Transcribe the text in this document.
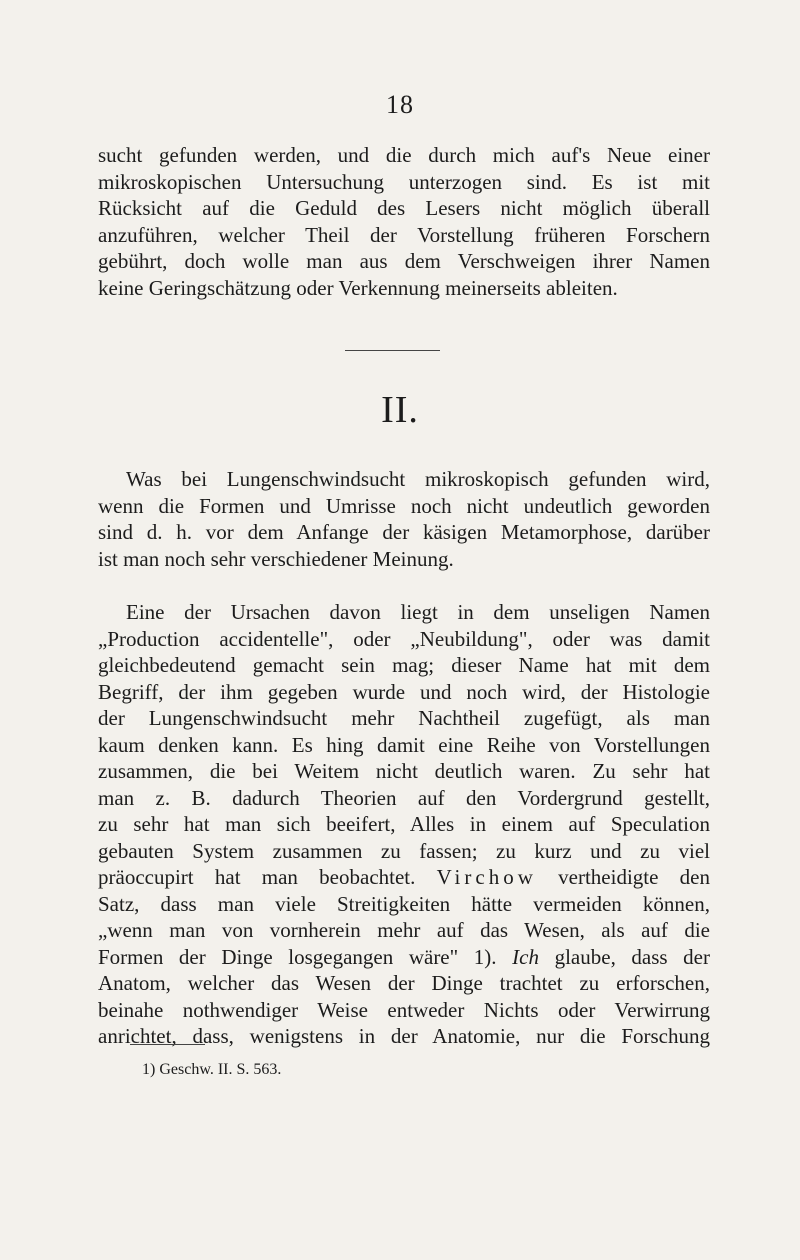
18
sucht gefunden werden, und die durch mich auf's Neue einer
mikroskopischen Untersuchung unterzogen sind. Es ist mit
Rücksicht auf die Geduld des Lesers nicht möglich überall
anzuführen, welcher Theil der Vorstellung früheren Forschern
gebührt, doch wolle man aus dem Verschweigen ihrer Namen
keine Geringschätzung oder Verkennung meinerseits ableiten.
II.
Was bei Lungenschwindsucht mikroskopisch gefunden wird,
wenn die Formen und Umrisse noch nicht undeutlich geworden
sind d. h. vor dem Anfange der käsigen Metamorphose, darüber
ist man noch sehr verschiedener Meinung.
Eine der Ursachen davon liegt in dem unseligen Namen
„Production accidentelle", oder „Neubildung", oder was damit
gleichbedeutend gemacht sein mag; dieser Name hat mit dem
Begriff, der ihm gegeben wurde und noch wird, der Histologie
der Lungenschwindsucht mehr Nachtheil zugefügt, als man
kaum denken kann. Es hing damit eine Reihe von Vorstellungen
zusammen, die bei Weitem nicht deutlich waren. Zu sehr hat
man z. B. dadurch Theorien auf den Vordergrund gestellt,
zu sehr hat man sich beeifert, Alles in einem auf Speculation
gebauten System zusammen zu fassen; zu kurz und zu viel
präoccupirt hat man beobachtet. Virchow vertheidigte den
Satz, dass man viele Streitigkeiten hätte vermeiden können,
„wenn man von vornherein mehr auf das Wesen, als auf die
Formen der Dinge losgegangen wäre" 1). Ich glaube, dass der
Anatom, welcher das Wesen der Dinge trachtet zu erforschen,
beinahe nothwendiger Weise entweder Nichts oder Verwirrung
anrichtet, dass, wenigstens in der Anatomie, nur die Forschung
1) Geschw. II. S. 563.
